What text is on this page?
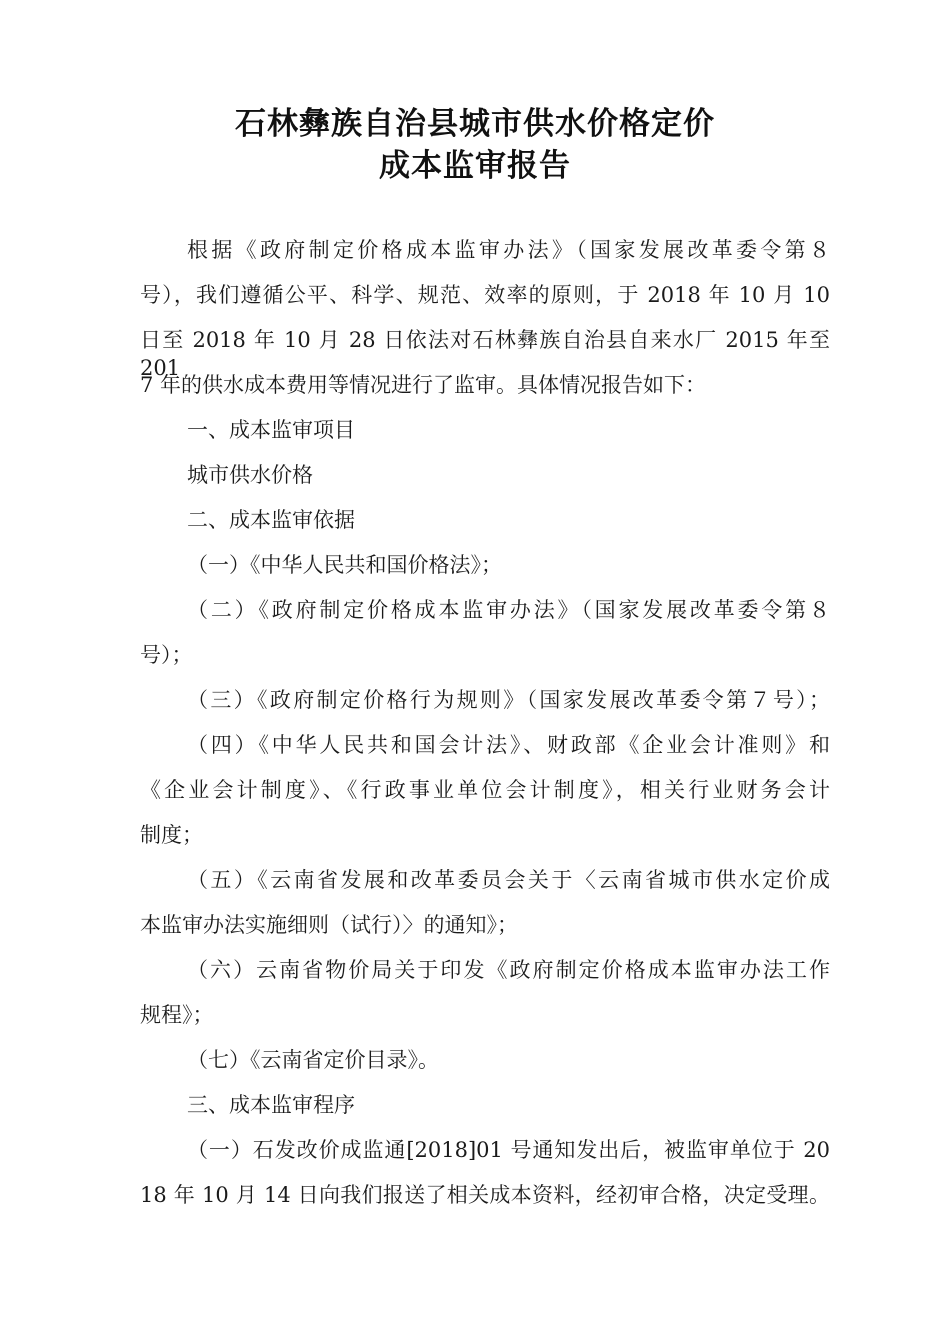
石林彝族自治县城市供水价格定价
成本监审报告

根据《政府制定价格成本监审办法》（国家发展改革委令第８

号），我们遵循公平、科学、规范、效率的原则，于 2018 年 10 月 10

日至 2018 年 10 月 28 日依法对石林彝族自治县自来水厂 2015 年至 201

7 年的供水成本费用等情况进行了监审。具体情况报告如下：

一、成本监审项目

城市供水价格

二、成本监审依据

（一）《中华人民共和国价格法》；

（二）《政府制定价格成本监审办法》（国家发展改革委令第８

号）；

（三）《政府制定价格行为规则》（国家发展改革委令第７号）；

（四）《中华人民共和国会计法》、财政部《企业会计准则》和

《企业会计制度》、《行政事业单位会计制度》，相关行业财务会计

制度；

（五）《云南省发展和改革委员会关于〈云南省城市供水定价成

本监审办法实施细则（试行）〉的通知》；

（六）云南省物价局关于印发《政府制定价格成本监审办法工作

规程》；

（七）《云南省定价目录》。

三、成本监审程序

（一）石发改价成监通[2018]01 号通知发出后，被监审单位于 20

18 年 10 月 14 日向我们报送了相关成本资料，经初审合格，决定受理。
